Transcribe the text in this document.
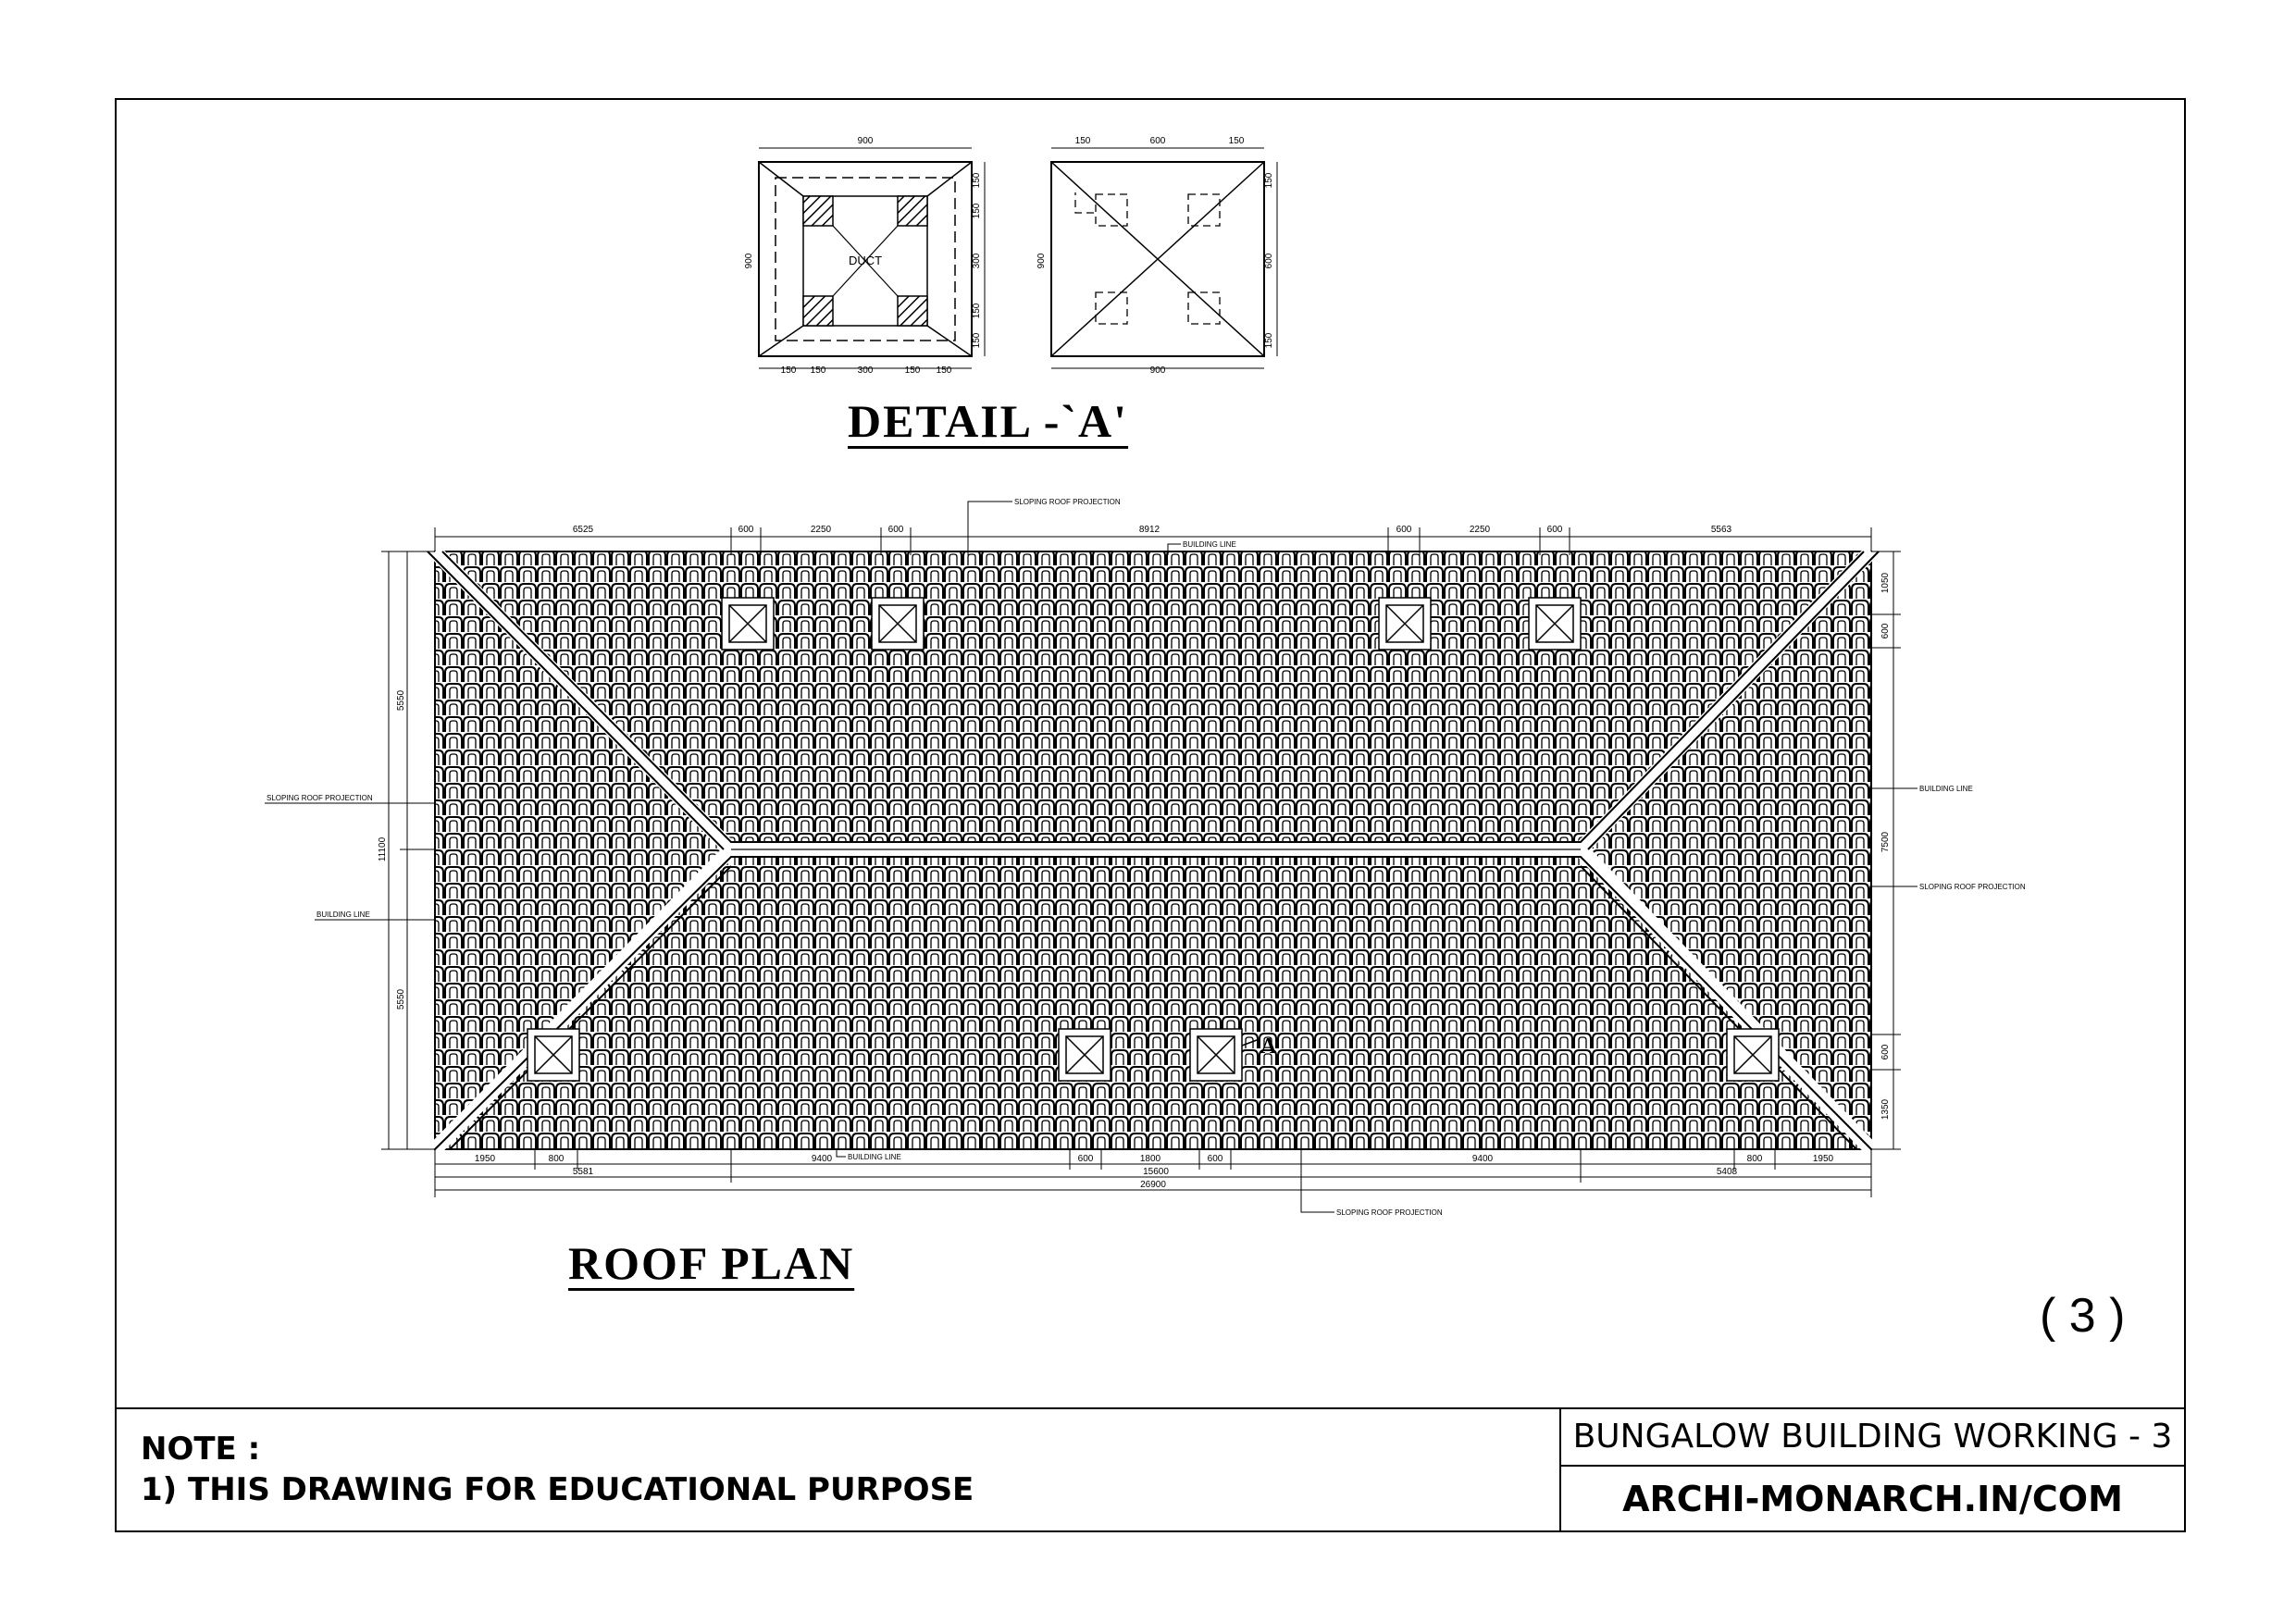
DUCT
900
900
150 150	300	150 150
150
150
300
150
150
150	600	150
900
900
150
600
150
A
6525	600	2250	600	8912	600	2250	600	5563
SLOPING ROOF PROJECTION
BUILDING LINE
5550
11100
5550
SLOPING ROOF PROJECTION
BUILDING LINE
1050
600
7500
600
1350
BUILDING LINE
SLOPING ROOF PROJECTION
1950	800	9400	600	1800	600	9400	800	1950
5581	15600	5408
26900
BUILDING LINE
SLOPING ROOF PROJECTION
DETAIL -`A'
ROOF PLAN
( 3 )
NOTE :
1) THIS DRAWING FOR EDUCATIONAL PURPOSE
BUNGALOW BUILDING WORKING - 3
ARCHI-MONARCH.IN/COM
